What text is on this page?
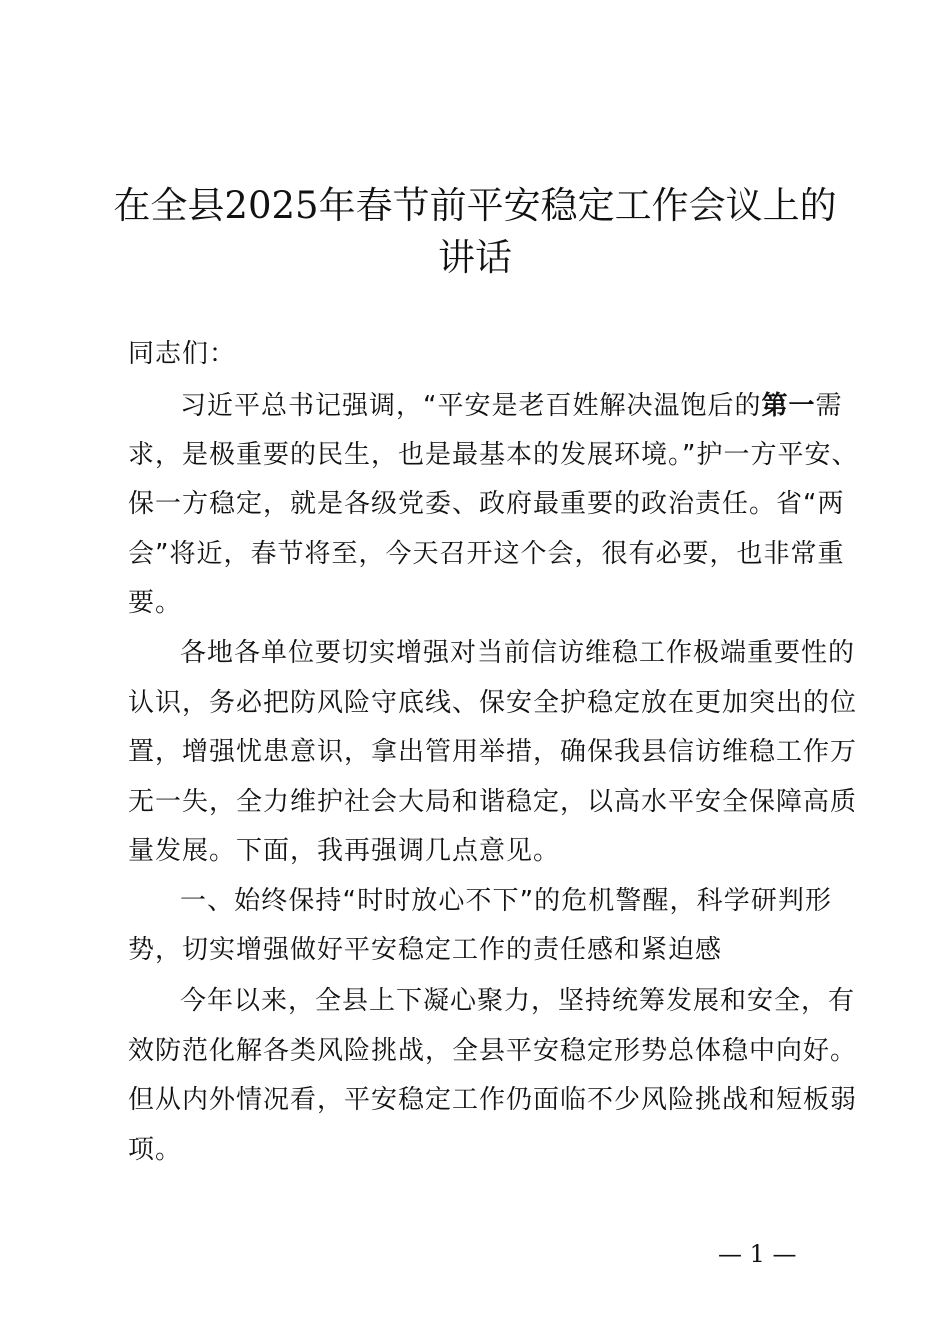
在全县2025年春节前平安稳定工作会议上的
讲话
同志们：
习近平总书记强调，“平安是老百姓解决温饱后的第一需
求，是极重要的民生，也是最基本的发展环境。”护一方平安、
保一方稳定，就是各级党委、政府最重要的政治责任。省“两
会”将近，春节将至，今天召开这个会，很有必要，也非常重
要。
各地各单位要切实增强对当前信访维稳工作极端重要性的
认识，务必把防风险守底线、保安全护稳定放在更加突出的位
置，增强忧患意识，拿出管用举措，确保我县信访维稳工作万
无一失，全力维护社会大局和谐稳定，以高水平安全保障高质
量发展。下面，我再强调几点意见。
一、始终保持“时时放心不下”的危机警醒，科学研判形
势，切实增强做好平安稳定工作的责任感和紧迫感
今年以来，全县上下凝心聚力，坚持统筹发展和安全，有
效防范化解各类风险挑战，全县平安稳定形势总体稳中向好。
但从内外情况看，平安稳定工作仍面临不少风险挑战和短板弱
项。
— 1 —
